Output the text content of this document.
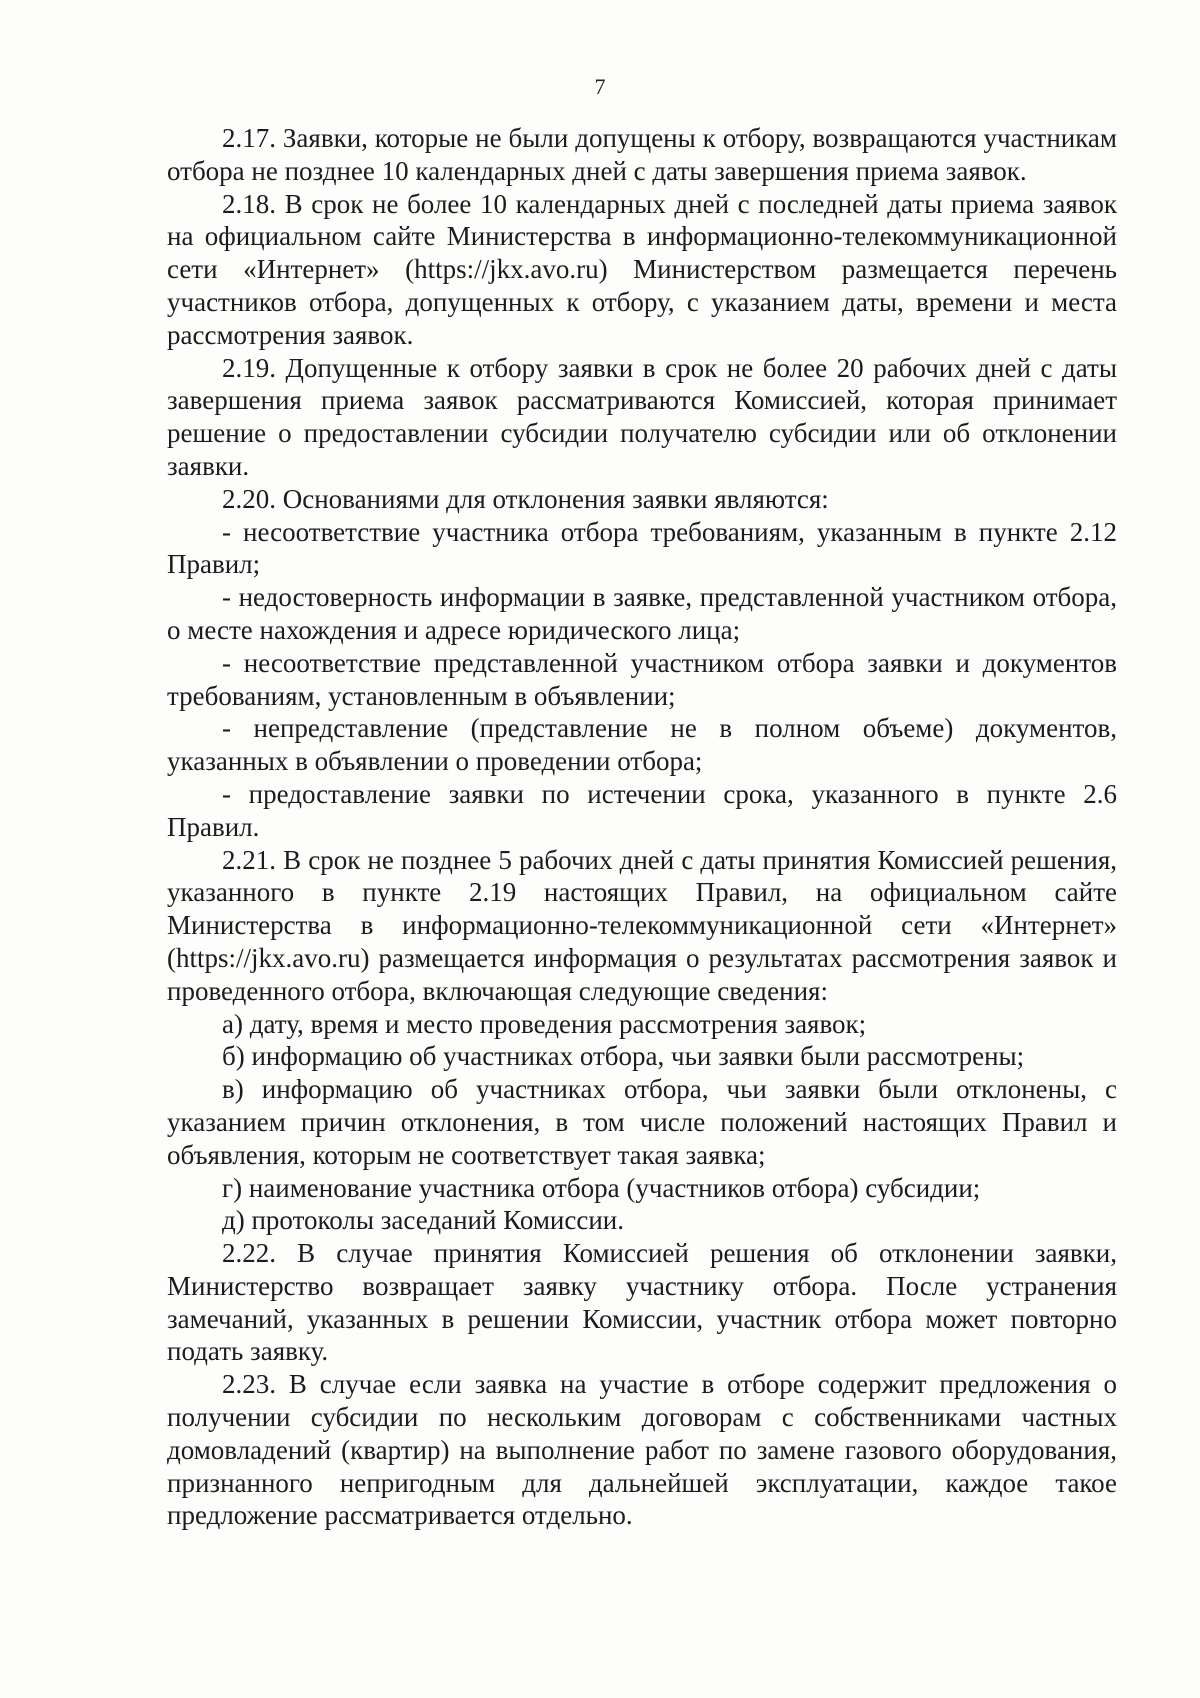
7

2.17. Заявки, которые не были допущены к отбору, возвращаются участникам отбора не позднее 10 календарных дней с даты завершения приема заявок.

2.18. В срок не более 10 календарных дней с последней даты приема заявок на официальном сайте Министерства в информационно-телекоммуникационной сети «Интернет» (https://jkx.avo.ru) Министерством размещается перечень участников отбора, допущенных к отбору, с указанием даты, времени и места рассмотрения заявок.

2.19. Допущенные к отбору заявки в срок не более 20 рабочих дней с даты завершения приема заявок рассматриваются Комиссией, которая принимает решение о предоставлении субсидии получателю субсидии или об отклонении заявки.

2.20. Основаниями для отклонения заявки являются:

- несоответствие участника отбора требованиям, указанным в пункте 2.12 Правил;

- недостоверность информации в заявке, представленной участником отбора, о месте нахождения и адресе юридического лица;

- несоответствие представленной участником отбора заявки и документов требованиям, установленным в объявлении;

- непредставление (представление не в полном объеме) документов, указанных в объявлении о проведении отбора;

- предоставление заявки по истечении срока, указанного в пункте 2.6 Правил.

2.21. В срок не позднее 5 рабочих дней с даты принятия Комиссией решения, указанного в пункте 2.19 настоящих Правил, на официальном сайте Министерства в информационно-телекоммуникационной сети «Интернет» (https://jkx.avo.ru) размещается информация о результатах рассмотрения заявок и проведенного отбора, включающая следующие сведения:

а) дату, время и место проведения рассмотрения заявок;

б) информацию об участниках отбора, чьи заявки были рассмотрены;

в) информацию об участниках отбора, чьи заявки были отклонены, с указанием причин отклонения, в том числе положений настоящих Правил и объявления, которым не соответствует такая заявка;

г) наименование участника отбора (участников отбора) субсидии;

д) протоколы заседаний Комиссии.

2.22. В случае принятия Комиссией решения об отклонении заявки, Министерство возвращает заявку участнику отбора. После устранения замечаний, указанных в решении Комиссии, участник отбора может повторно подать заявку.

2.23. В случае если заявка на участие в отборе содержит предложения о получении субсидии по нескольким договорам с собственниками частных домовладений (квартир) на выполнение работ по замене газового оборудования, признанного непригодным для дальнейшей эксплуатации, каждое такое предложение рассматривается отдельно.
